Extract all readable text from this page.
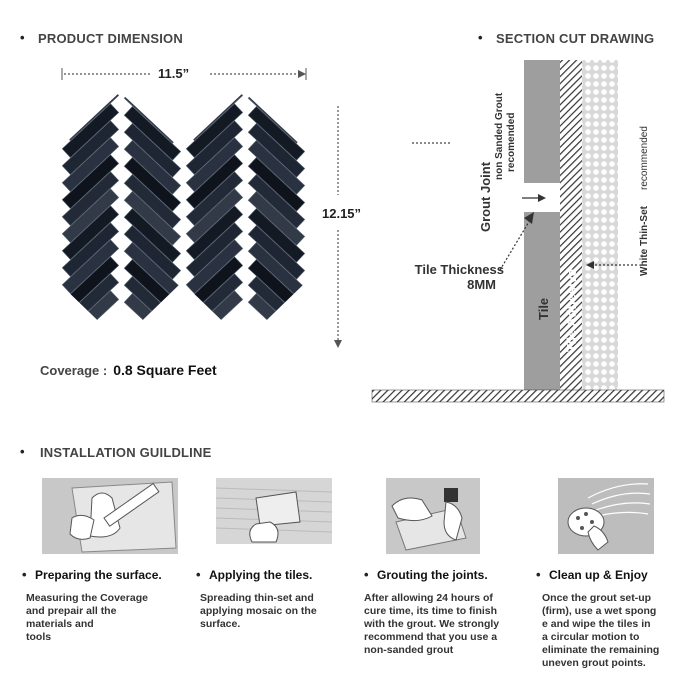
• PRODUCT DIMENSION
11.5”
12.15”
Coverage : 0.8 Square Feet
• SECTION CUT DRAWING
Grout Joint
non Sanded Grout recomended
Tile Tile Adhesive
White Thin-Set
recommended
Tile Thickness
8MM
• INSTALLATION GUILDLINE
• Preparing the surface.
Measuring the Coverage
and prepair all the
materials and
tools
• Applying the tiles.
Spreading thin-set and
applying mosaic on the
surface.
• Grouting the joints.
After allowing 24 hours of
cure time, its time to finish
with the grout. We strongly
recommend that you use a
non-sanded grout
• Clean up & Enjoy
Once the grout set-up
(firm), use a wet spong
e and wipe the tiles in
a circular motion to
eliminate the remaining
uneven grout points.
